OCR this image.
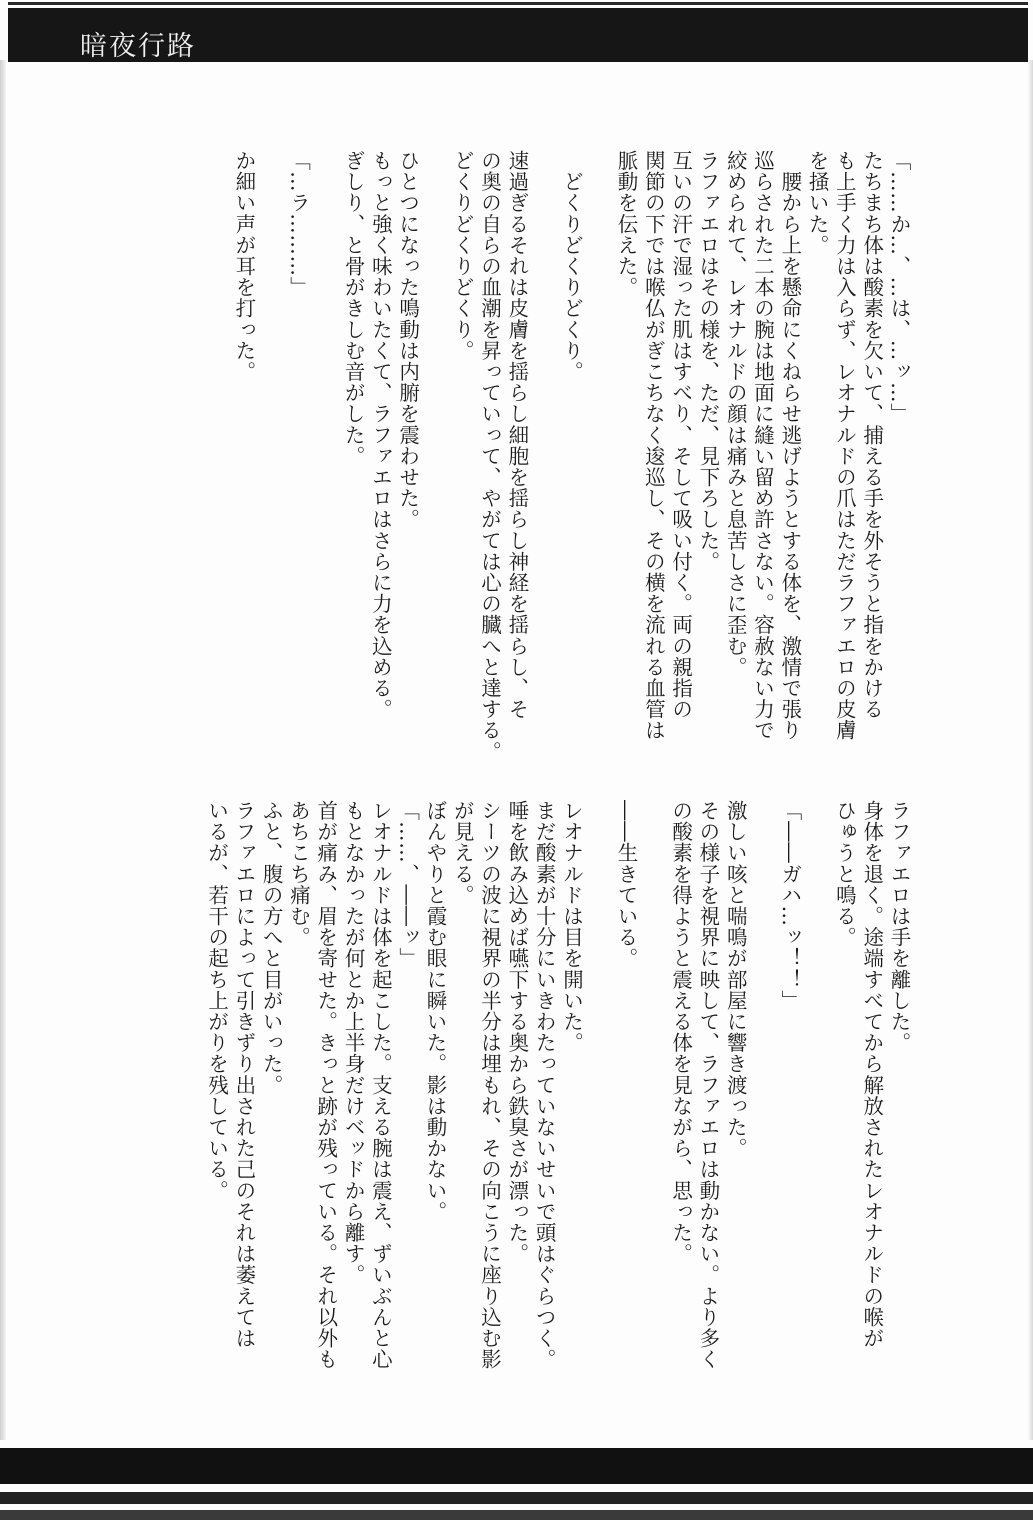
暗夜行路
「……か…、…は、…ッ…」
たちまち体は酸素を欠いて、捕える手を外そうと指をかける
も上手く力は入らず、レオナルドの爪はただラファエロの皮膚
を掻いた。
　腰から上を懸命にくねらせ逃げようとする体を、激情で張り
巡らされた二本の腕は地面に縫い留め許さない。容赦ない力で
絞められて、レオナルドの顔は痛みと息苦しさに歪む。
ラファエロはその様を、ただ、見下ろした。
互いの汗で湿った肌はすべり、そして吸い付く。両の親指の
関節の下では喉仏がぎこちなく逡巡し、その横を流れる血管は
脈動を伝えた。

　どくりどくりどくり。

速過ぎるそれは皮膚を揺らし細胞を揺らし神経を揺らし、そ
の奥の自らの血潮を昇っていって、やがては心の臓へと達する。
どくりどくりどくり。

ひとつになった鳴動は内腑を震わせた。
もっと強く味わいたくて、ラファエロはさらに力を込める。
ぎしり、と骨がきしむ音がした。

「…ラ………」

か細い声が耳を打った。
ラファエロは手を離した。
身体を退く。途端すべてから解放されたレオナルドの喉が
ひゅうと鳴る。

「――ガハ…ッ！！」

激しい咳と喘鳴が部屋に響き渡った。
その様子を視界に映して、ラファエロは動かない。より多く
の酸素を得ようと震える体を見ながら、思った。

――生きている。

レオナルドは目を開いた。
まだ酸素が十分にいきわたっていないせいで頭はぐらつく。
唾を飲み込めば嚥下する奥から鉄臭さが漂った。
シーツの波に視界の半分は埋もれ、その向こうに座り込む影
が見える。
ぼんやりと霞む眼に瞬いた。影は動かない。
「……、――ッ」
レオナルドは体を起こした。支える腕は震え、ずいぶんと心
もとなかったが何とか上半身だけベッドから離す。
首が痛み、眉を寄せた。きっと跡が残っている。それ以外も
あちこち痛む。
ふと、腹の方へと目がいった。
ラファエロによって引きずり出された己のそれは萎えては
いるが、若干の起ち上がりを残している。
